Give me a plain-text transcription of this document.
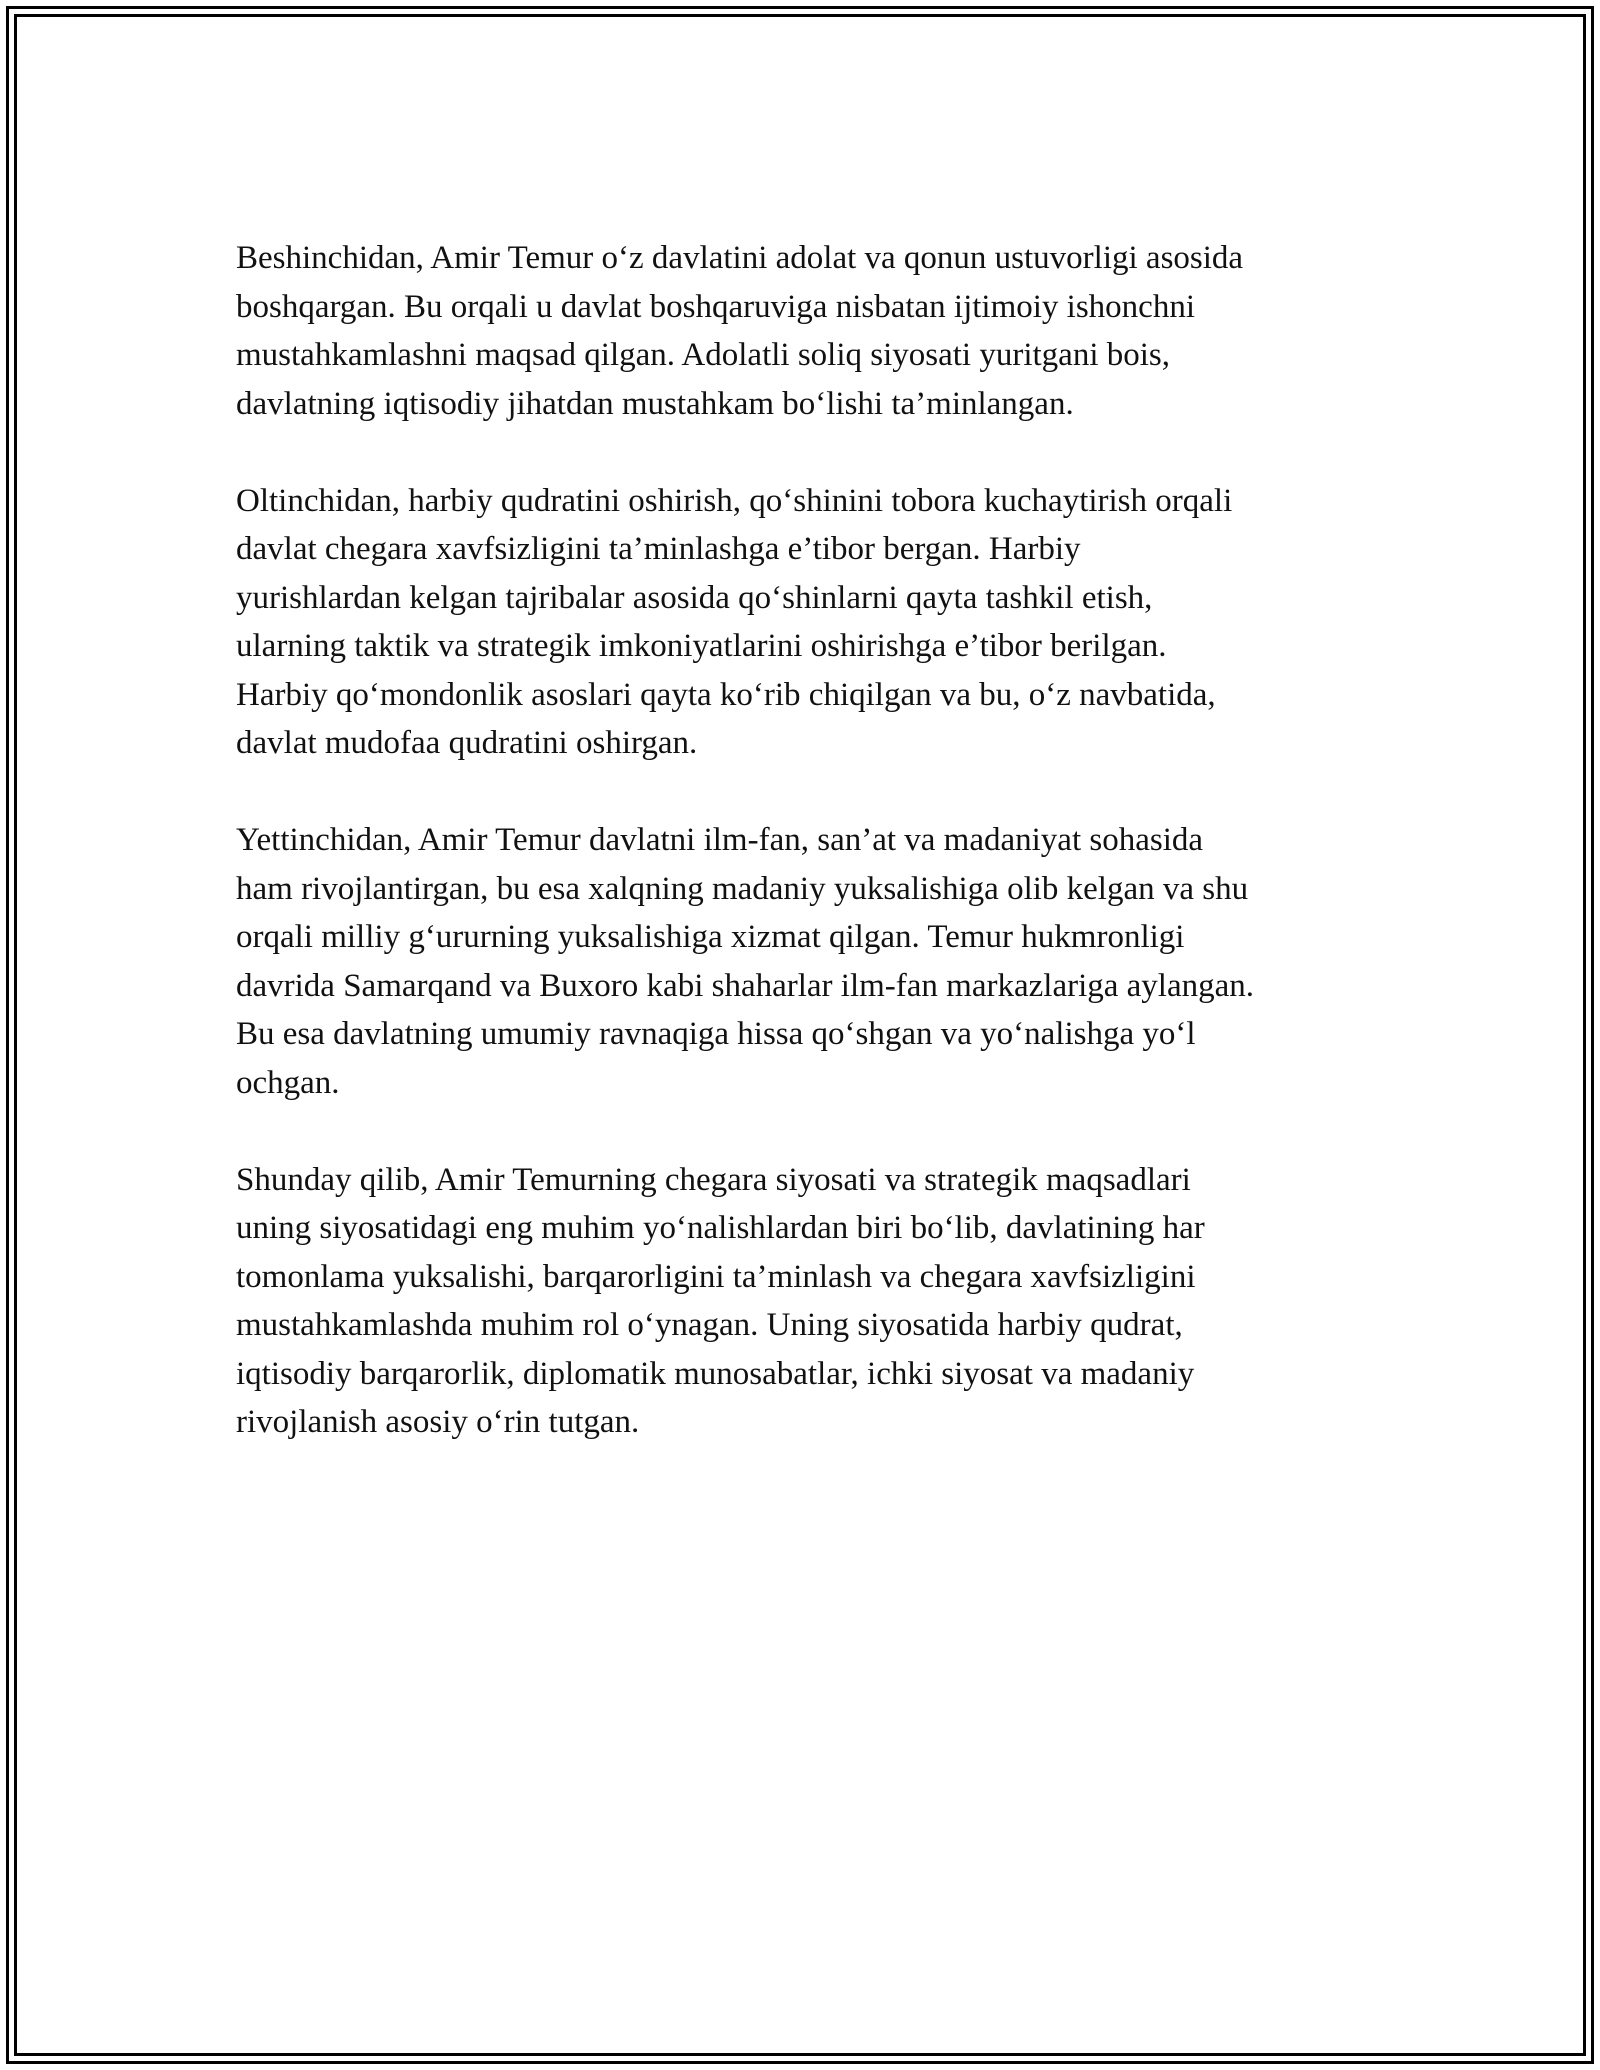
Beshinchidan, Amir Temur o‘z davlatini adolat va qonun ustuvorligi asosida
boshqargan. Bu orqali u davlat boshqaruviga nisbatan ijtimoiy ishonchni
mustahkamlashni maqsad qilgan. Adolatli soliq siyosati yuritgani bois,
davlatning iqtisodiy jihatdan mustahkam bo‘lishi ta’minlangan.

Oltinchidan, harbiy qudratini oshirish, qo‘shinini tobora kuchaytirish orqali
davlat chegara xavfsizligini ta’minlashga e’tibor bergan. Harbiy
yurishlardan kelgan tajribalar asosida qo‘shinlarni qayta tashkil etish,
ularning taktik va strategik imkoniyatlarini oshirishga e’tibor berilgan.
Harbiy qo‘mondonlik asoslari qayta ko‘rib chiqilgan va bu, o‘z navbatida,
davlat mudofaa qudratini oshirgan.

Yettinchidan, Amir Temur davlatni ilm-fan, san’at va madaniyat sohasida
ham rivojlantirgan, bu esa xalqning madaniy yuksalishiga olib kelgan va shu
orqali milliy g‘ururning yuksalishiga xizmat qilgan. Temur hukmronligi
davrida Samarqand va Buxoro kabi shaharlar ilm-fan markazlariga aylangan.
Bu esa davlatning umumiy ravnaqiga hissa qo‘shgan va yo‘nalishga yo‘l
ochgan.

Shunday qilib, Amir Temurning chegara siyosati va strategik maqsadlari
uning siyosatidagi eng muhim yo‘nalishlardan biri bo‘lib, davlatining har
tomonlama yuksalishi, barqarorligini ta’minlash va chegara xavfsizligini
mustahkamlashda muhim rol o‘ynagan. Uning siyosatida harbiy qudrat,
iqtisodiy barqarorlik, diplomatik munosabatlar, ichki siyosat va madaniy
rivojlanish asosiy o‘rin tutgan.
